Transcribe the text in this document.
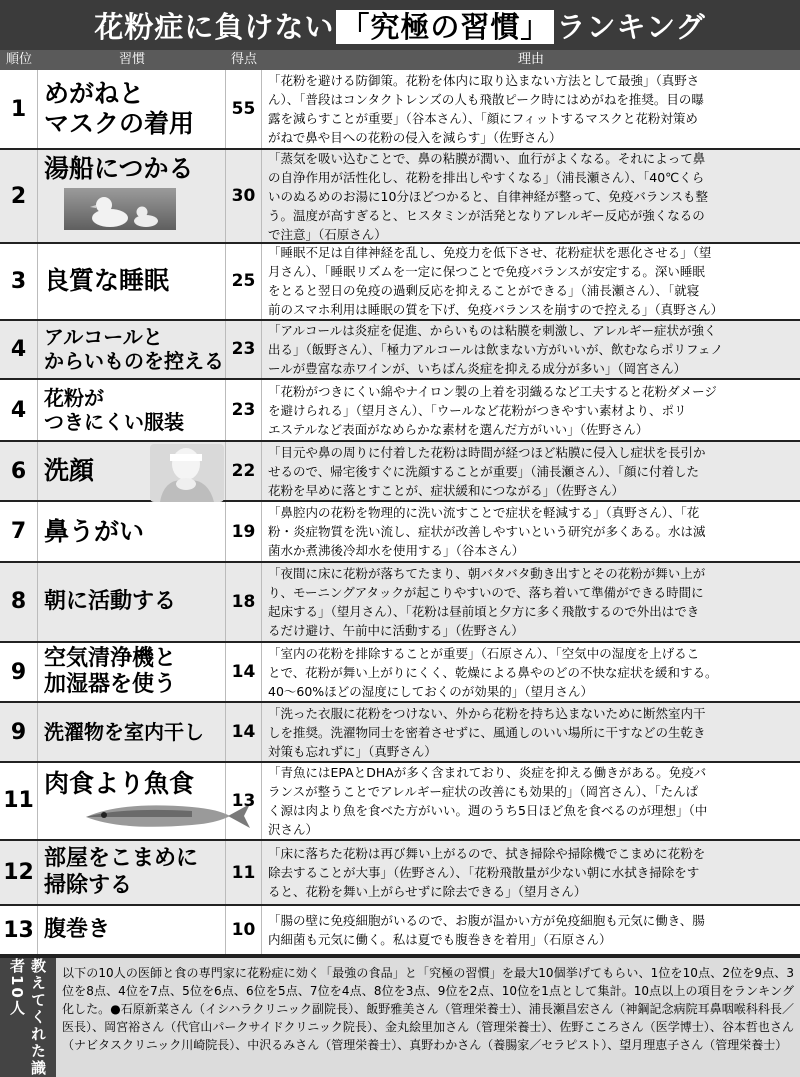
花粉症に負けない 「究極の習慣」 ランキング
順位	習慣	得点	理由
1
めがねと
マスクの着用	55
「花粉を避ける防御策。花粉を体内に取り込まない方法として最強」（真野さ
ん）、「普段はコンタクトレンズの人も飛散ピーク時にはめがねを推奨。目の曝
露を減らすことが重要」（谷本さん）、「顔にフィットするマスクと花粉対策め
がねで鼻や目への花粉の侵入を減らす」（佐野さん）
2
湯船につかる
30
「蒸気を吸い込むことで、鼻の粘膜が潤い、血行がよくなる。それによって鼻
の自浄作用が活性化し、花粉を排出しやすくなる」（浦長瀬さん）、「40℃くら
いのぬるめのお湯に10分ほどつかると、自律神経が整って、免疫バランスも整
う。温度が高すぎると、ヒスタミンが活発となりアレルギー反応が強くなるの
で注意」（石原さん）
3 良質な睡眠	25
「睡眠不足は自律神経を乱し、免疫力を低下させ、花粉症状を悪化させる」（望
月さん）、「睡眠リズムを一定に保つことで免疫バランスが安定する。深い睡眠
をとると翌日の免疫の過剰反応を抑えることができる」（浦長瀬さん）、「就寝
前のスマホ利用は睡眠の質を下げ、免疫バランスを崩すので控える」（真野さん）
4 アルコールと
からいものを控える 23
「アルコールは炎症を促進、からいものは粘膜を刺激し、アレルギー症状が強く
出る」（飯野さん）、「極力アルコールは飲まない方がいいが、飲むならポリフェノ
ールが豊富な赤ワインが、いちばん炎症を抑える成分が多い」（岡宮さん）
4 花粉が
つきにくい服装	23
「花粉がつきにくい綿やナイロン製の上着を羽織るなど工夫すると花粉ダメージ
を避けられる」（望月さん）、「ウールなど花粉がつきやすい素材より、ポリ
エステルなど表面がなめらかな素材を選んだ方がいい」（佐野さん）
6 洗顔	22
「目元や鼻の周りに付着した花粉は時間が経つほど粘膜に侵入し症状を長引か
せるので、帰宅後すぐに洗顔することが重要」（浦長瀬さん）、「顔に付着した
花粉を早めに落とすことが、症状緩和につながる」（佐野さん）
7 鼻うがい	19
「鼻腔内の花粉を物理的に洗い流すことで症状を軽減する」（真野さん）、「花
粉・炎症物質を洗い流し、症状が改善しやすいという研究が多くある。水は滅
菌水か煮沸後冷却水を使用する」（谷本さん）
8 朝に活動する	18
「夜間に床に花粉が落ちてたまり、朝バタバタ動き出すとその花粉が舞い上が
り、モーニングアタックが起こりやすいので、落ち着いて準備ができる時間に
起床する」（望月さん）、「花粉は昼前頃と夕方に多く飛散するので外出はでき
るだけ避け、午前中に活動する」（佐野さん）
9
空気清浄機と
加湿器を使う	14
「室内の花粉を排除することが重要」（石原さん）、「空気中の湿度を上げるこ
とで、花粉が舞い上がりにくく、乾燥による鼻やのどの不快な症状を緩和する。
40～60%ほどの湿度にしておくのが効果的」（望月さん）
9 洗濯物を室内干し	14
「洗った衣服に花粉をつけない、外から花粉を持ち込まないために断然室内干
しを推奨。洗濯物同士を密着させずに、風通しのいい場所に干すなどの生乾き
対策も忘れずに」（真野さん）
11
肉食より魚食
13
「青魚にはEPAとDHAが多く含まれており、炎症を抑える働きがある。免疫バ
ランスが整うことでアレルギー症状の改善にも効果的」（岡宮さん）、「たんぱ
く源は肉より魚を食べた方がいい。週のうち5日ほど魚を食べるのが理想」（中
沢さん）
12
部屋をこまめに
掃除する	11
「床に落ちた花粉は再び舞い上がるので、拭き掃除や掃除機でこまめに花粉を
除去することが大事」（佐野さん）、「花粉飛散量が少ない朝に水拭き掃除をす
ると、花粉を舞い上がらせずに除去できる」（望月さん）
13 腹巻き	10	「腸の壁に免疫細胞がいるので、お腹が温かい方が免疫細胞も元気に働き、腸
内細菌も元気に働く。私は夏でも腹巻きを着用」（石原さん）
教えてくれた識者10人	以下の10人の医師と食の専門家に花粉症に効く「最強の食品」と「究極の習慣」を最大10個挙げてもらい、1位を10点、2位を9点、3位を8点、4位を7点、5位を6点、6位を5点、7位を4点、8位を3点、9位を2点、10位を1点として集計。10点以上の項目をランキング化した。●石原新菜さん（イシハラクリニック副院長）、飯野雅美さん（管理栄養士）、浦長瀬昌宏さん（神鋼記念病院耳鼻咽喉科科長／医長）、岡宮裕さん（代官山パークサイドクリニック院長）、金丸絵里加さん（管理栄養士）、佐野こころさん（医学博士）、谷本哲也さん（ナビタスクリニック川崎院長）、中沢るみさん（管理栄養士）、真野わかさん（養腸家／セラピスト）、望月理恵子さん（管理栄養士）
